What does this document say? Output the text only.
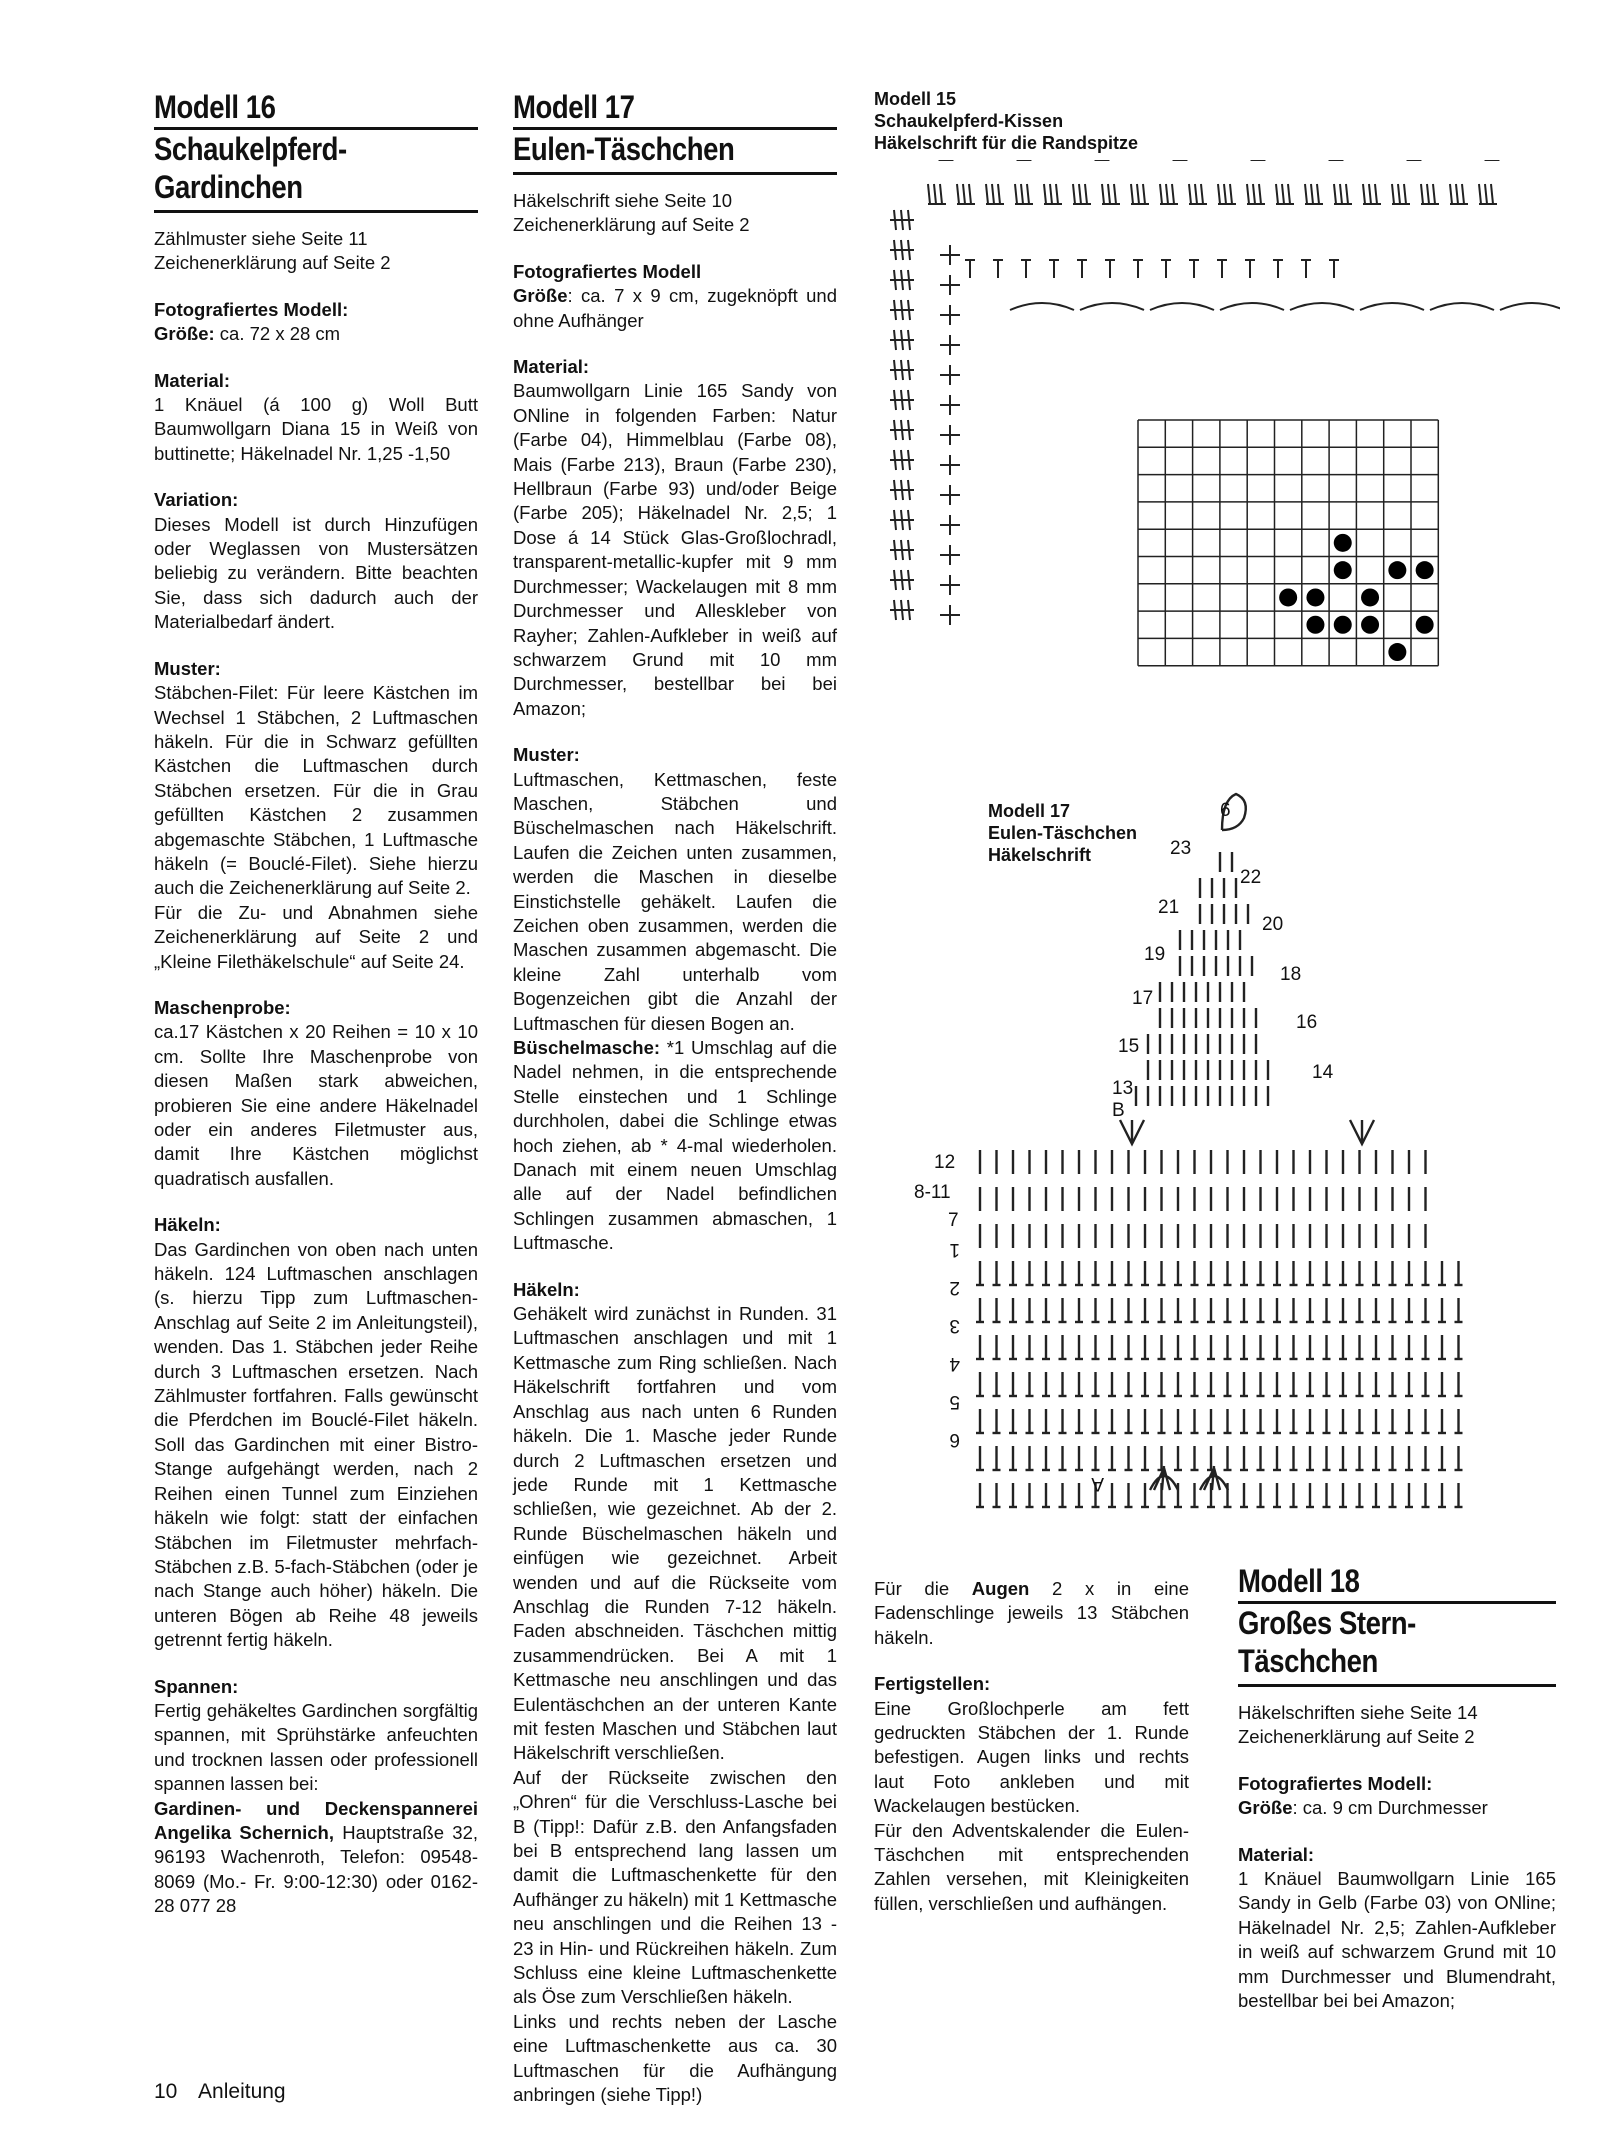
Modell 16
Schaukelpferd-
Gardinchen

Zählmuster siehe Seite 11

Zeichenerklärung auf Seite 2

Fotografiertes Modell:

Größe: ca. 72 x 28 cm

Material:

1 Knäuel (á 100 g) Woll Butt Baumwollgarn Diana 15 in Weiß von buttinette; Häkelnadel Nr. 1,25 -1,50

Variation:

Dieses Modell ist durch Hinzufügen oder Weglassen von Mustersätzen beliebig zu verändern. Bitte beachten Sie, dass sich dadurch auch der Materialbedarf ändert.

Muster:

Stäbchen-Filet: Für leere Kästchen im Wechsel 1 Stäbchen, 2 Luftmaschen häkeln. Für die in Schwarz gefüllten Kästchen die Luftmaschen durch Stäbchen ersetzen. Für die in Grau gefüllten Kästchen 2 zusammen abgemaschte Stäbchen, 1 Luftmasche häkeln (= Bouclé-Filet). Siehe hierzu auch die Zeichenerklärung auf Seite 2.

Für die Zu- und Abnahmen siehe Zeichenerklärung auf Seite 2 und „Kleine Filethäkelschule“ auf Seite 24.

Maschenprobe:

ca.17 Kästchen x 20 Reihen = 10 x 10 cm. Sollte Ihre Maschenprobe von diesen Maßen stark abweichen, probieren Sie eine andere Häkelnadel oder ein anderes Filetmuster aus, damit Ihre Kästchen möglichst quadratisch ausfallen.

Häkeln:

Das Gardinchen von oben nach unten häkeln. 124 Luftmaschen anschlagen (s. hierzu Tipp zum Luftmaschen-Anschlag auf Seite 2 im Anleitungsteil), wenden. Das 1. Stäbchen jeder Reihe durch 3 Luftmaschen ersetzen. Nach Zählmuster fortfahren. Falls gewünscht die Pferdchen im Bouclé-Filet häkeln. Soll das Gardinchen mit einer Bistro-Stange aufgehängt werden, nach 2 Reihen einen Tunnel zum Einziehen häkeln wie folgt: statt der einfachen Stäbchen im Filetmuster mehrfach-Stäbchen z.B. 5-fach-Stäbchen (oder je nach Stange auch höher) häkeln. Die unteren Bögen ab Reihe 48 jeweils getrennt fertig häkeln.

Spannen:

Fertig gehäkeltes Gardinchen sorgfältig spannen, mit Sprühstärke anfeuchten und trocknen lassen oder professionell spannen lassen bei:

Gardinen- und Deckenspannerei Angelika Schernich, Hauptstraße 32, 96193 Wachenroth, Telefon: 09548-8069 (Mo.- Fr. 9:00-12:30) oder 0162-28 077 28

Modell 17
Eulen-Täschchen

Häkelschrift siehe Seite 10

Zeichenerklärung auf Seite 2

Fotografiertes Modell

Größe: ca. 7 x 9 cm, zugeknöpft und ohne Aufhänger

Material:

Baumwollgarn Linie 165 Sandy von ONline in folgenden Farben: Natur (Farbe 04), Himmelblau (Farbe 08), Mais (Farbe 213), Braun (Farbe 230), Hellbraun (Farbe 93) und/oder Beige (Farbe 205); Häkelnadel Nr. 2,5; 1 Dose á 14 Stück Glas-Großlochradl, transparent-metallic-kupfer mit 9 mm Durchmesser; Wackelaugen mit 8 mm Durchmesser und Alleskleber von Rayher; Zahlen-Aufkleber in weiß auf schwarzem Grund mit 10 mm Durchmesser, bestellbar bei bei Amazon;

Muster:

Luftmaschen, Kettmaschen, feste Maschen, Stäbchen und Büschelmaschen nach Häkelschrift. Laufen die Zeichen unten zusammen, werden die Maschen in dieselbe Einstichstelle gehäkelt. Laufen die Zeichen oben zusammen, werden die Maschen zusammen abgemascht. Die kleine Zahl unterhalb vom Bogenzeichen gibt die Anzahl der Luftmaschen für diesen Bogen an.

Büschelmasche: *1 Umschlag auf die Nadel nehmen, in die entsprechende Stelle einstechen und 1 Schlinge durchholen, dabei die Schlinge etwas hoch ziehen, ab * 4-mal wiederholen. Danach mit einem neuen Umschlag alle auf der Nadel befindlichen Schlingen zusammen abmaschen, 1 Luftmasche.

Häkeln:

Gehäkelt wird zunächst in Runden. 31 Luftmaschen anschlagen und mit 1 Kettmasche zum Ring schließen. Nach Häkelschrift fortfahren und vom Anschlag aus nach unten 6 Runden häkeln. Die 1. Masche jeder Runde durch 2 Luftmaschen ersetzen und jede Runde mit 1 Kettmasche schließen, wie gezeichnet. Ab der 2. Runde Büschelmaschen häkeln und einfügen wie gezeichnet. Arbeit wenden und auf die Rückseite vom Anschlag die Runden 7-12 häkeln. Faden abschneiden. Täschchen mittig zusammendrücken. Bei A mit 1 Kettmasche neu anschlingen und das Eulentäschchen an der unteren Kante mit festen Maschen und Stäbchen laut Häkelschrift verschließen.

Auf der Rückseite zwischen den „Ohren“ für die Verschluss-Lasche bei B (Tipp!: Dafür z.B. den Anfangsfaden bei B entsprechend lang lassen um damit die Luftmaschenkette für den Aufhänger zu häkeln) mit 1 Kettmasche neu anschlingen und die Reihen 13 - 23 in Hin- und Rückreihen häkeln. Zum Schluss eine kleine Luftmaschenkette als Öse zum Verschließen häkeln.

Links und rechts neben der Lasche eine Luftmaschenkette aus ca. 30 Luftmaschen für die Aufhängung anbringen (siehe Tipp!)

Modell 15
Schaukelpferd-Kissen
Häkelschrift für die Randspitze
Modell 17
Eulen-Täschchen
Häkelschrift
6
23
22
21
20
19
18
17
16
15
14
13
B
12
8-11
7
1
2
3
4
5
6
A

Für die Augen 2 x in eine Fadenschlinge jeweils 13 Stäbchen häkeln.

Fertigstellen:

Eine Großlochperle am fett gedruckten Stäbchen der 1. Runde befestigen. Augen links und rechts laut Foto ankleben und mit Wackelaugen bestücken.

Für den Adventskalender die Eulen-Täschchen mit entsprechenden Zahlen versehen, mit Kleinigkeiten füllen, verschließen und aufhängen.

Modell 18
Großes Stern-
Täschchen

Häkelschriften siehe Seite 14

Zeichenerklärung auf Seite 2

Fotografiertes Modell:

Größe: ca. 9 cm Durchmesser

Material:

1 Knäuel Baumwollgarn Linie 165 Sandy in Gelb (Farbe 03) von ONline; Häkelnadel Nr. 2,5; Zahlen-Aufkleber in weiß auf schwarzem Grund mit 10 mm Durchmesser und Blumendraht, bestellbar bei bei Amazon;

10 Anleitung
